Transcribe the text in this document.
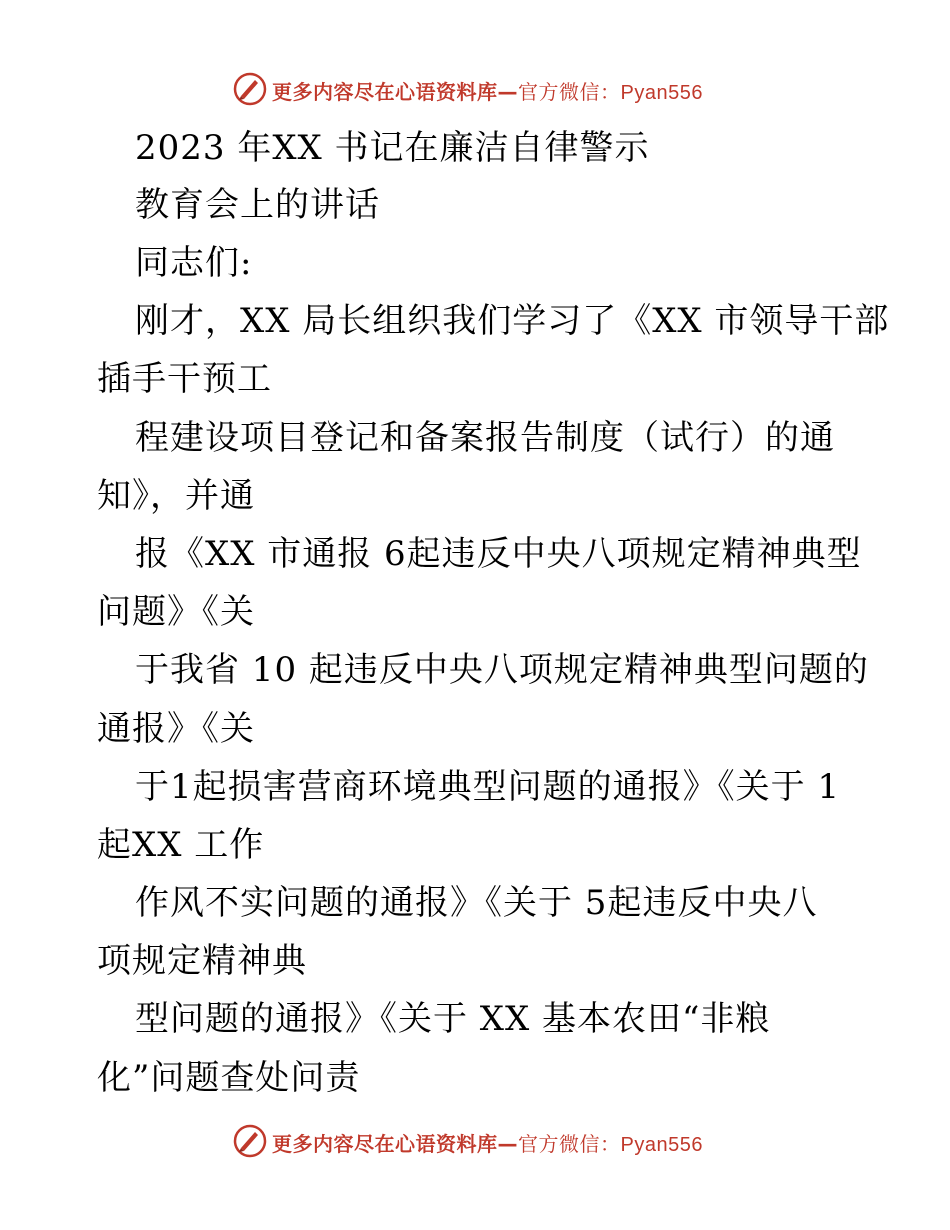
更多内容尽在心语资料库—官方微信：Pyan556
2023 年XX 书记在廉洁自律警示
教育会上的讲话
同志们:
刚才，XX 局长组织我们学习了《XX 市领导干部
插手干预工
程建设项目登记和备案报告制度（试行）的通
知》，并通
报《XX 市通报 6起违反中央八项规定精神典型
问题》《关
于我省 10 起违反中央八项规定精神典型问题的
通报》《关
于1起损害营商环境典型问题的通报》《关于 1
起XX 工作
作风不实问题的通报》《关于 5起违反中央八
项规定精神典
型问题的通报》《关于 XX 基本农田“非粮
化”问题查处问责
更多内容尽在心语资料库—官方微信：Pyan556
